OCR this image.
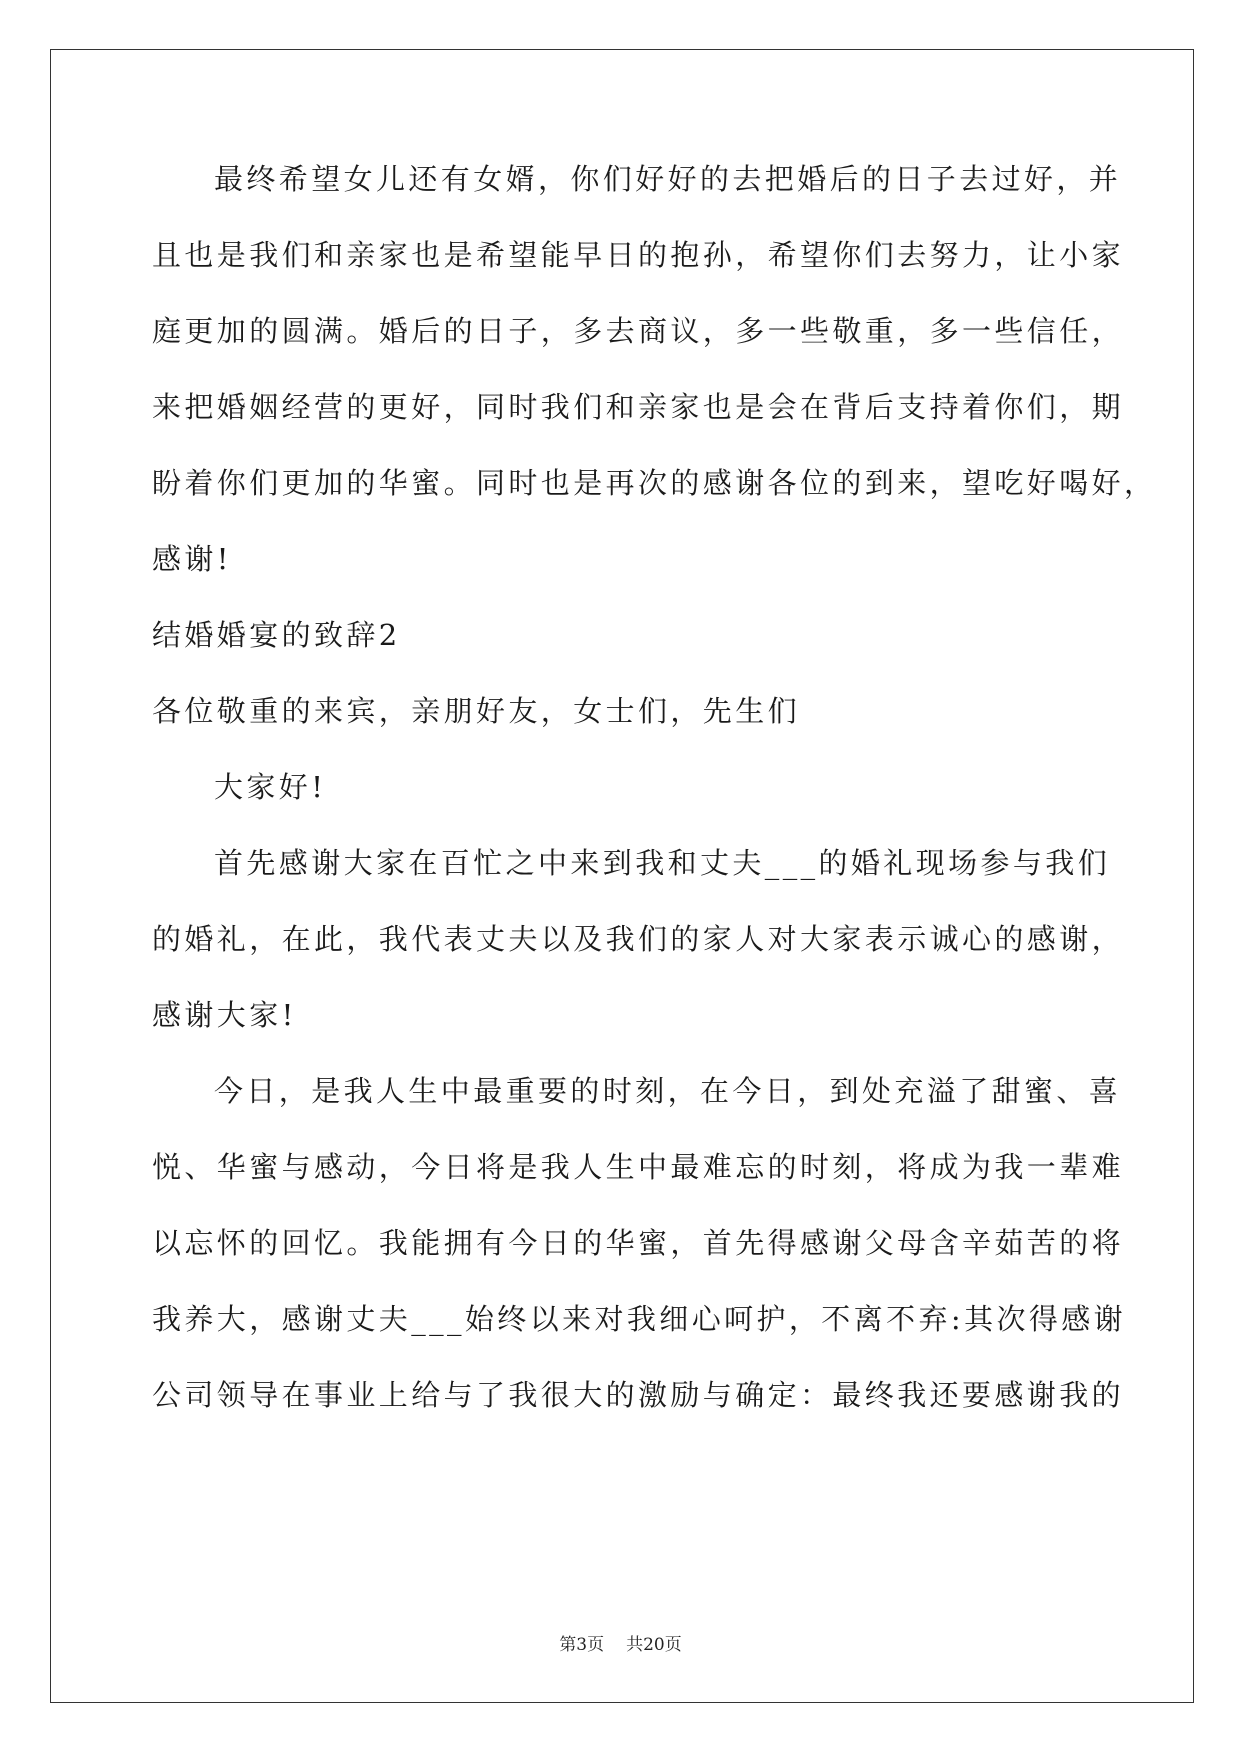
最终希望女儿还有女婿，你们好好的去把婚后的日子去过好，并
且也是我们和亲家也是希望能早日的抱孙，希望你们去努力，让小家
庭更加的圆满。婚后的日子，多去商议，多一些敬重，多一些信任，
来把婚姻经营的更好，同时我们和亲家也是会在背后支持着你们，期
盼着你们更加的华蜜。同时也是再次的感谢各位的到来，望吃好喝好，
感谢!
结婚婚宴的致辞2
各位敬重的来宾，亲朋好友，女士们，先生们
大家好!
首先感谢大家在百忙之中来到我和丈夫___的婚礼现场参与我们
的婚礼，在此，我代表丈夫以及我们的家人对大家表示诚心的感谢，
感谢大家!
今日，是我人生中最重要的时刻，在今日，到处充溢了甜蜜、喜
悦、华蜜与感动，今日将是我人生中最难忘的时刻，将成为我一辈难
以忘怀的回忆。我能拥有今日的华蜜，首先得感谢父母含辛茹苦的将
我养大，感谢丈夫___始终以来对我细心呵护，不离不弃:其次得感谢
公司领导在事业上给与了我很大的激励与确定：最终我还要感谢我的
第3页 共20页
